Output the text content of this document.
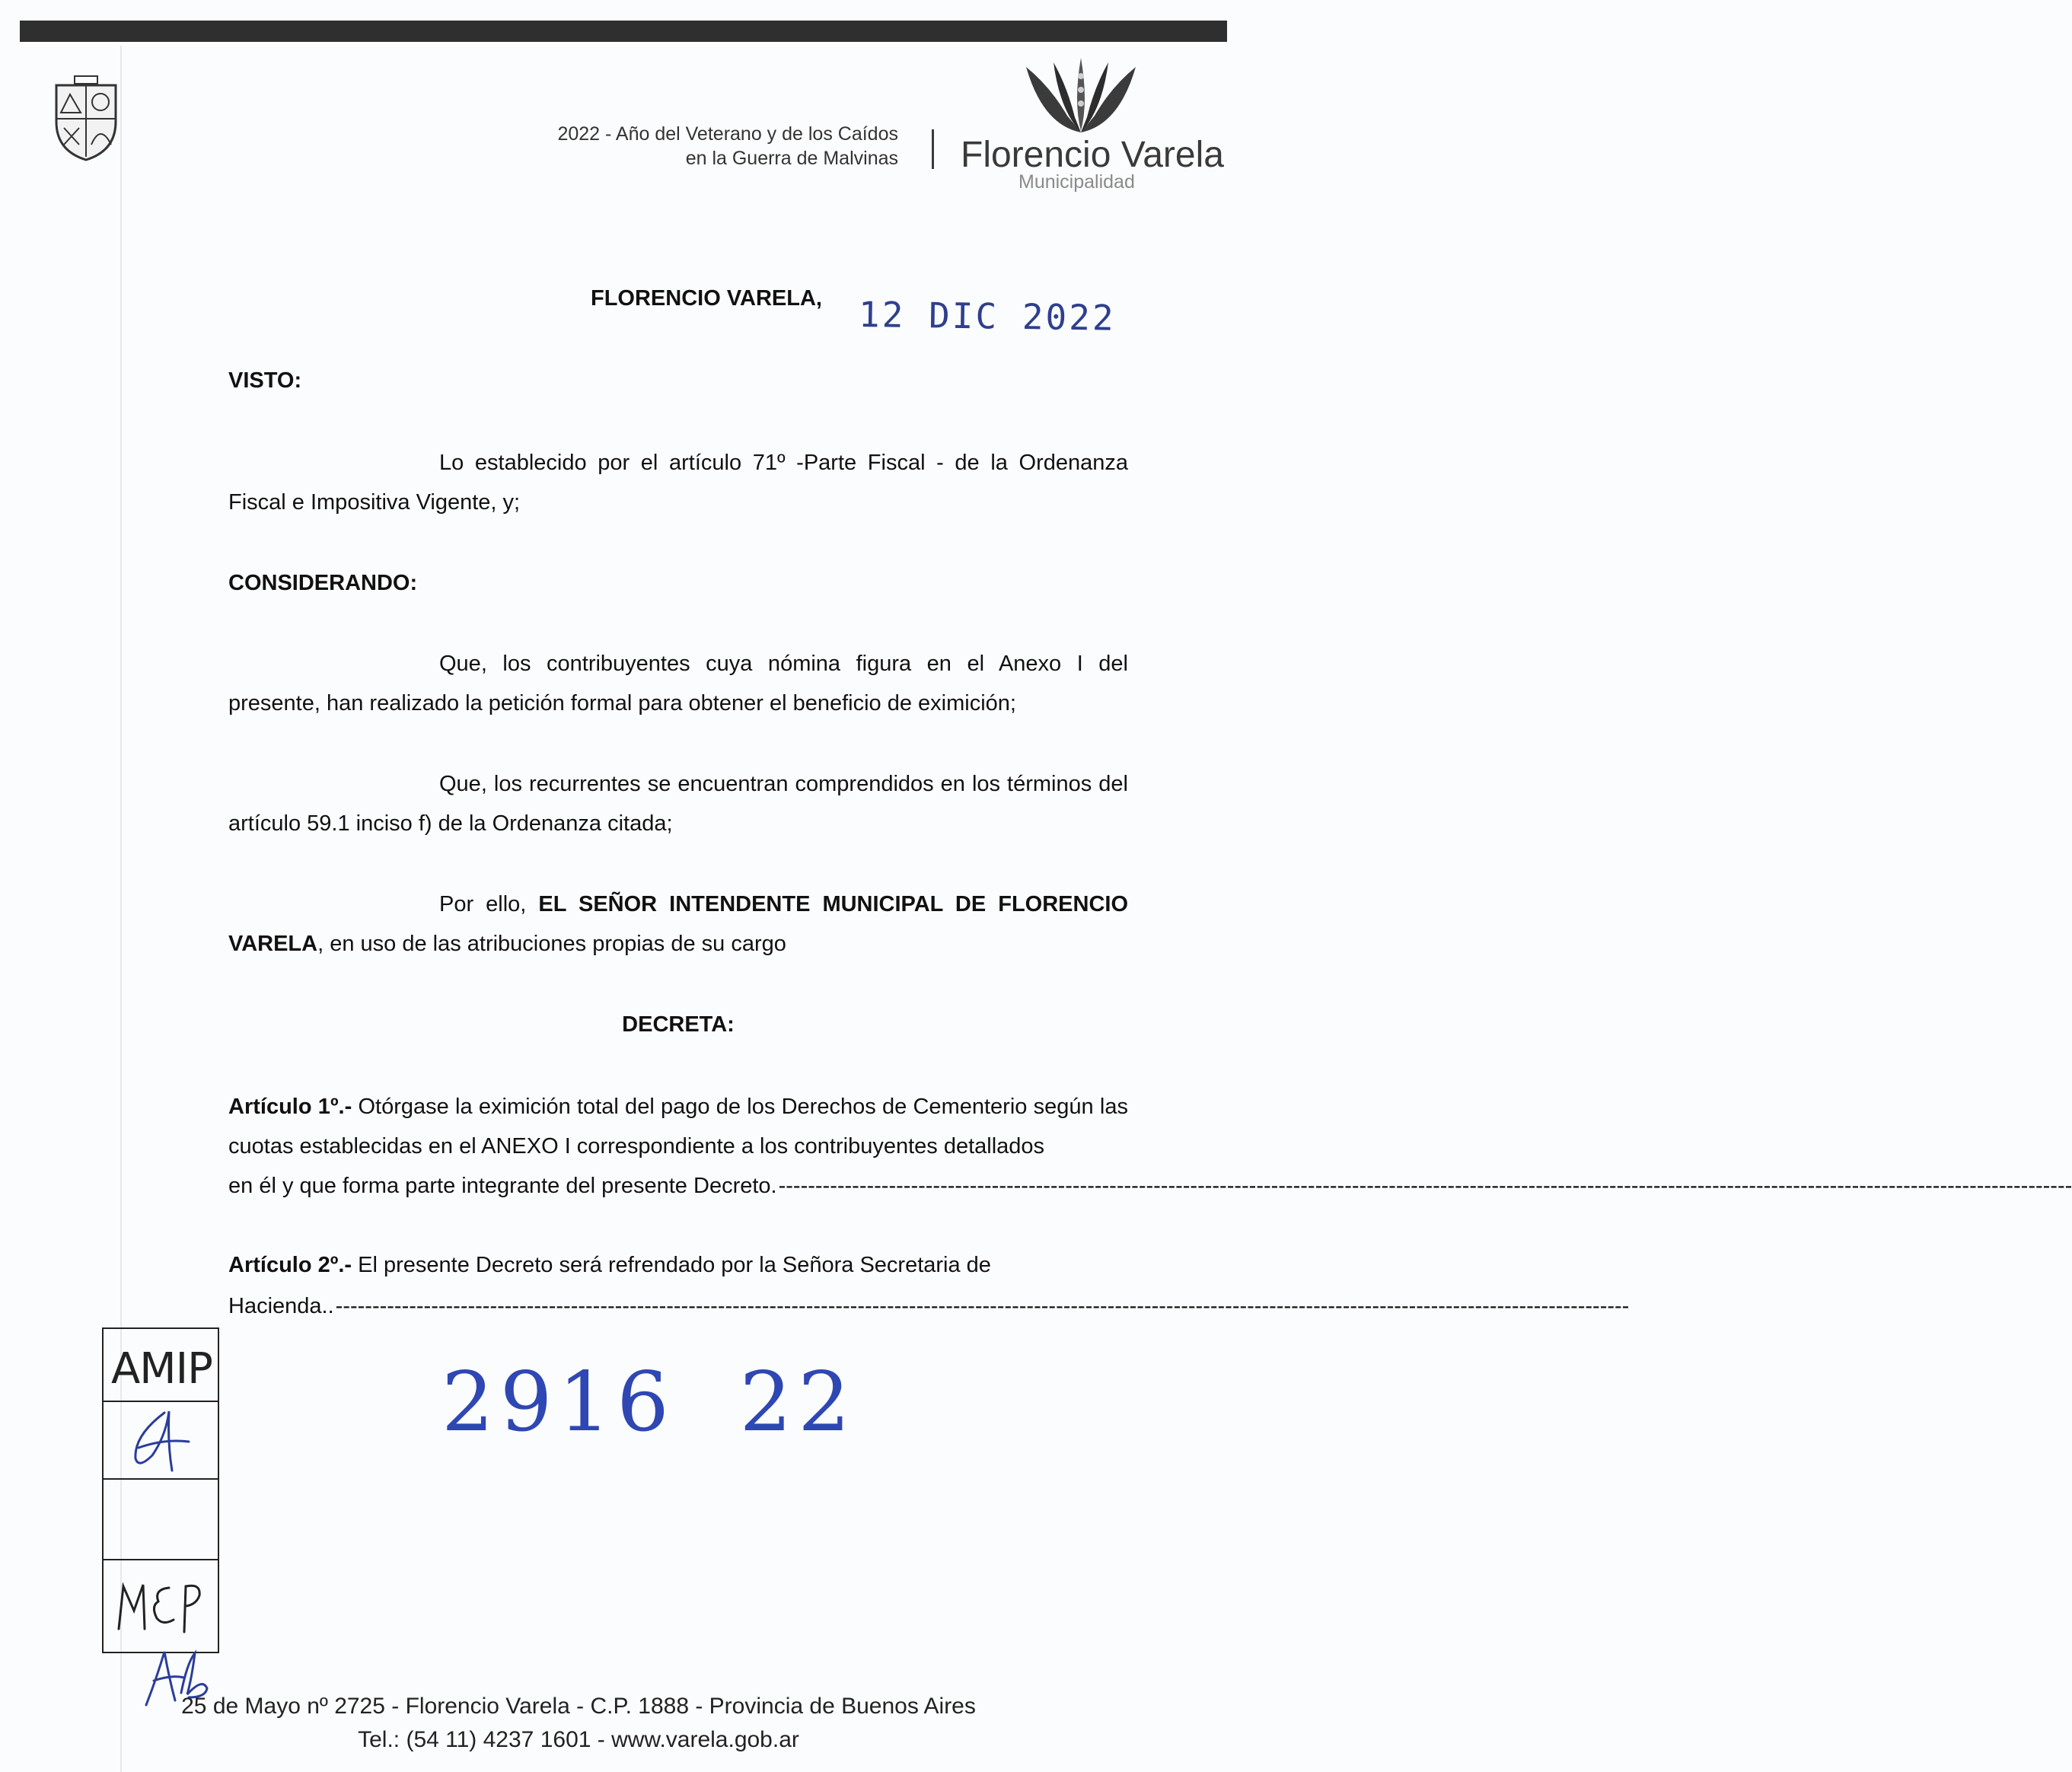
2022 - Año del Veterano y de los Caídos
en la Guerra de Malvinas Florencio Varela
Municipalidad
FLORENCIO VARELA, 12 DIC 2022

VISTO:

Lo establecido por el artículo 71º -Parte Fiscal - de la Ordenanza Fiscal e Impositiva Vigente, y;

CONSIDERANDO:

Que, los contribuyentes cuya nómina figura en el Anexo I del presente, han realizado la petición formal para obtener el beneficio de eximición;

Que, los recurrentes se encuentran comprendidos en los términos del artículo 59.1 inciso f) de la Ordenanza citada;

Por ello, EL SEÑOR INTENDENTE MUNICIPAL DE FLORENCIO VARELA, en uso de las atribuciones propias de su cargo

DECRETA:

Artículo 1º.- Otórgase la eximición total del pago de los Derechos de Cementerio según las cuotas establecidas en el ANEXO I correspondiente a los contribuyentes detallados

en él y que forma parte integrante del presente Decreto. --------------------------------------------------------------------------------------------------------------------------------------------------------------------------------

Artículo 2º.- El presente Decreto será refrendado por la Señora Secretaria de

Hacienda.. --------------------------------------------------------------------------------------------------------------------------------------------------------------------------------
2916  22
AMIP
25 de Mayo nº 2725 - Florencio Varela - C.P. 1888 - Provincia de Buenos Aires
Tel.: (54 11) 4237 1601 - www.varela.gob.ar
